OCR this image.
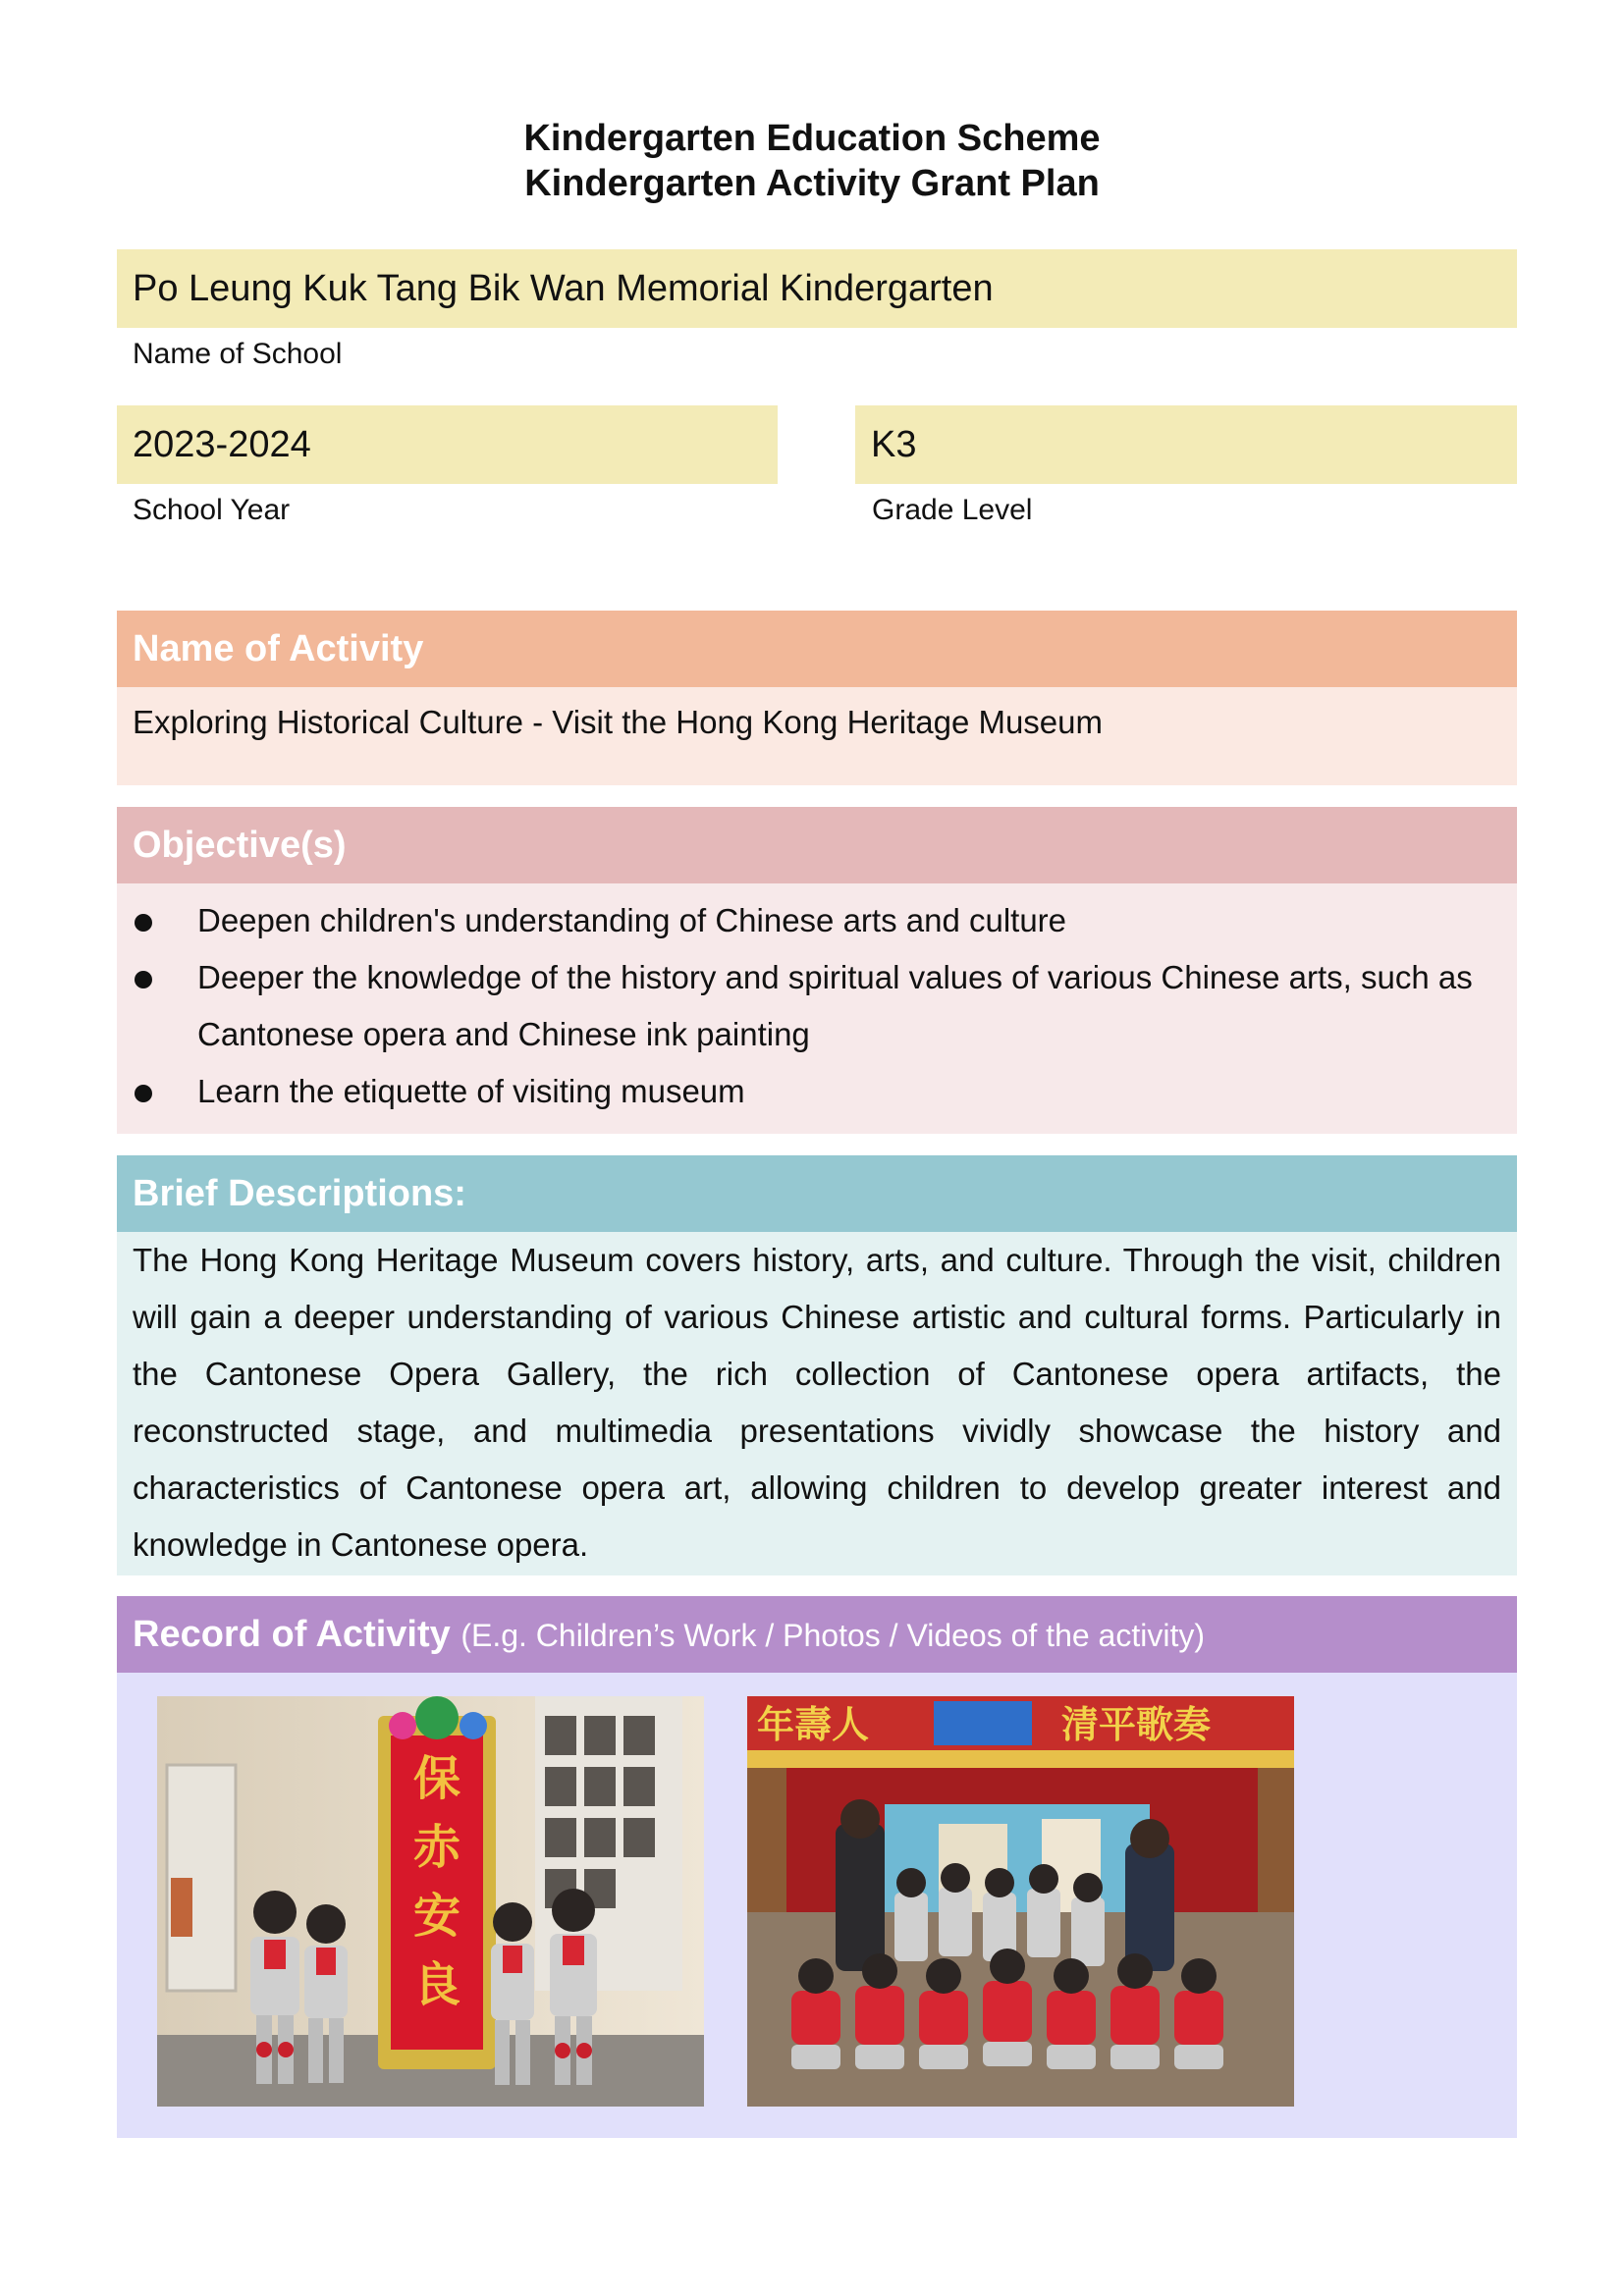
Kindergarten Education Scheme
Kindergarten Activity Grant Plan
Po Leung Kuk Tang Bik Wan Memorial Kindergarten
Name of School
2023-2024
School Year
K3
Grade Level
Name of Activity
Exploring Historical Culture - Visit the Hong Kong Heritage Museum
Objective(s)
Deepen children's understanding of Chinese arts and culture
Deeper the knowledge of the history and spiritual values of various Chinese arts, such as Cantonese opera and Chinese ink painting
Learn the etiquette of visiting museum
Brief Descriptions:
The Hong Kong Heritage Museum covers history, arts, and culture. Through the visit, children will gain a deeper understanding of various Chinese artistic and cultural forms. Particularly in the Cantonese Opera Gallery, the rich collection of Cantonese opera artifacts, the reconstructed stage, and multimedia presentations vividly showcase the history and characteristics of Cantonese opera art, allowing children to develop greater interest and knowledge in Cantonese opera.
Record of Activity (E.g. Children’s Work / Photos / Videos of the activity)
保
赤
安
良
年壽人	清平歌奏
